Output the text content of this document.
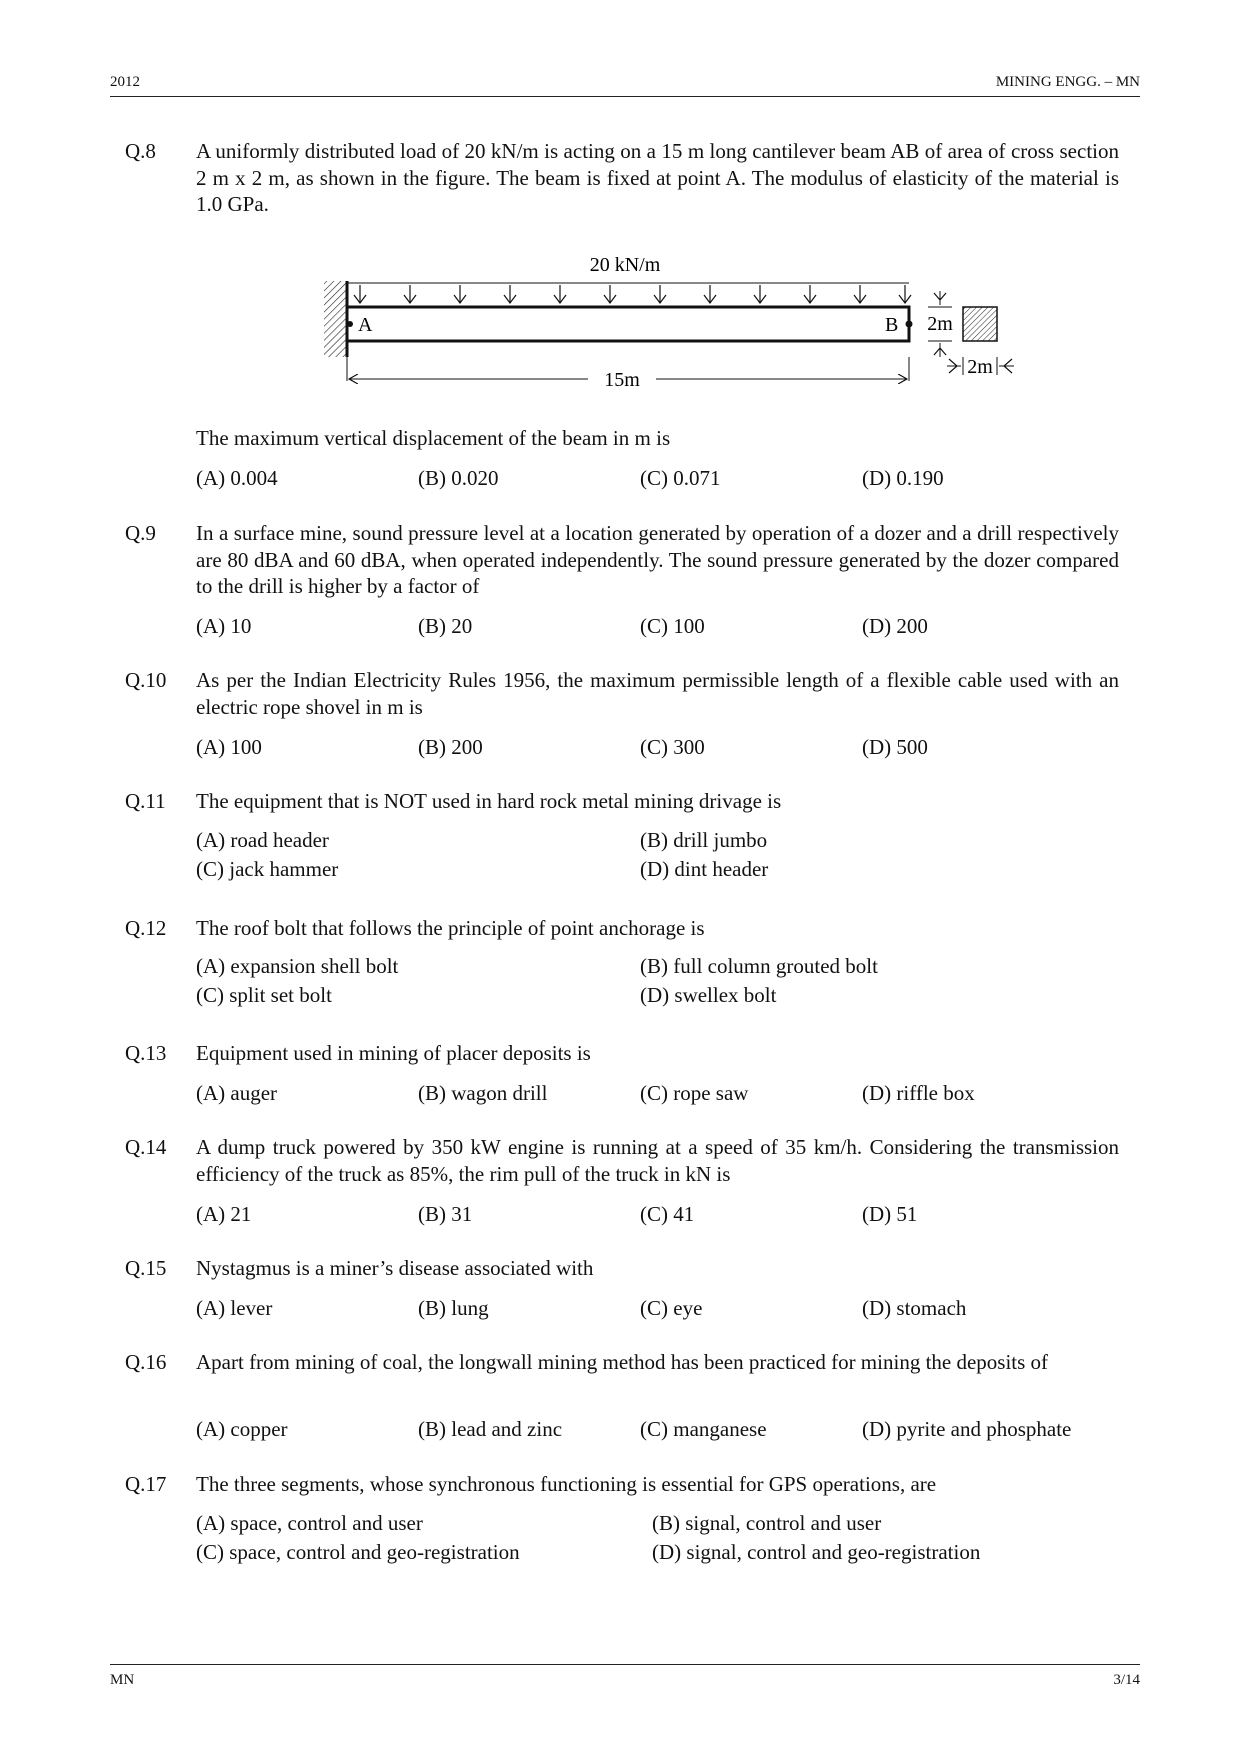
2012	MINING ENGG. – MN
Q.8	A uniformly distributed load of 20 kN/m is acting on a 15 m long cantilever beam AB of area of cross section 2 m x 2 m, as shown in the figure. The beam is fixed at point A. The modulus of elasticity of the material is 1.0 GPa.
20 kN/m
A	B
15m
2m
2m
The maximum vertical displacement of the beam in m is
(A) 0.004	(B) 0.020	(C) 0.071	(D) 0.190
Q.9	In a surface mine, sound pressure level at a location generated by operation of a dozer and a drill respectively are 80 dBA and 60 dBA, when operated independently. The sound pressure generated by the dozer compared to the drill is higher by a factor of
(A) 10	(B) 20	(C) 100	(D) 200
Q.10	As per the Indian Electricity Rules 1956, the maximum permissible length of a flexible cable used with an electric rope shovel in m is
(A) 100	(B) 200	(C) 300	(D) 500
Q.11	The equipment that is NOT used in hard rock metal mining drivage is
(A) road header	(B) drill jumbo
(C) jack hammer	(D) dint header
Q.12	The roof bolt that follows the principle of point anchorage is
(A) expansion shell bolt	(B) full column grouted bolt
(C) split set bolt	(D) swellex bolt
Q.13	Equipment used in mining of placer deposits is
(A) auger	(B) wagon drill	(C) rope saw	(D) riffle box
Q.14	A dump truck powered by 350 kW engine is running at a speed of 35 km/h. Considering the transmission efficiency of the truck as 85%, the rim pull of the truck in kN is
(A) 21	(B) 31	(C) 41	(D) 51
Q.15	Nystagmus is a miner’s disease associated with
(A) lever	(B) lung	(C) eye	(D) stomach
Q.16	Apart from mining of coal, the longwall mining method has been practiced for mining the deposits of
(A) copper	(B) lead and zinc	(C) manganese	(D) pyrite and phosphate
Q.17	The three segments, whose synchronous functioning is essential for GPS operations, are
(A) space, control and user	(B) signal, control and user
(C) space, control and geo-registration	(D) signal, control and geo-registration
MN	3/14
